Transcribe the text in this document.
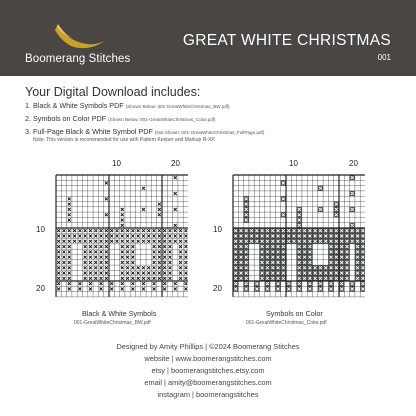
Boomerang Stitches
GREAT WHITE CHRISTMAS
001
Your Digital Download includes:
1. Black & White Symbols PDF (Shown Below: 001-GreatWhiteChristmas_BW.pdf)
2. Symbols on Color PDF (Shown Below: 001-GreatWhiteChristmas_Color.pdf)
3. Full-Page Black & White Symbol PDF (Not Shown: 001-GreatWhiteChristmas_FullPage.pdf)
Note: This version is recommended for use with Pattern Keeper and Markup R-XP.
10	20
10
20
Black & White Symbols
001-GreatWhiteChristmas_BW.pdf
10	20
10
20
Symbols on Color
001-GreatWhiteChristmas_Color.pdf
Designed by Amity Phillips | ©2024 Boomerang Stitches
website | www.boomerangstitches.com
etsy | boomerangstitches.etsy.com
email | amity@boomerangstitches.com
instagram | boomerangstitches
